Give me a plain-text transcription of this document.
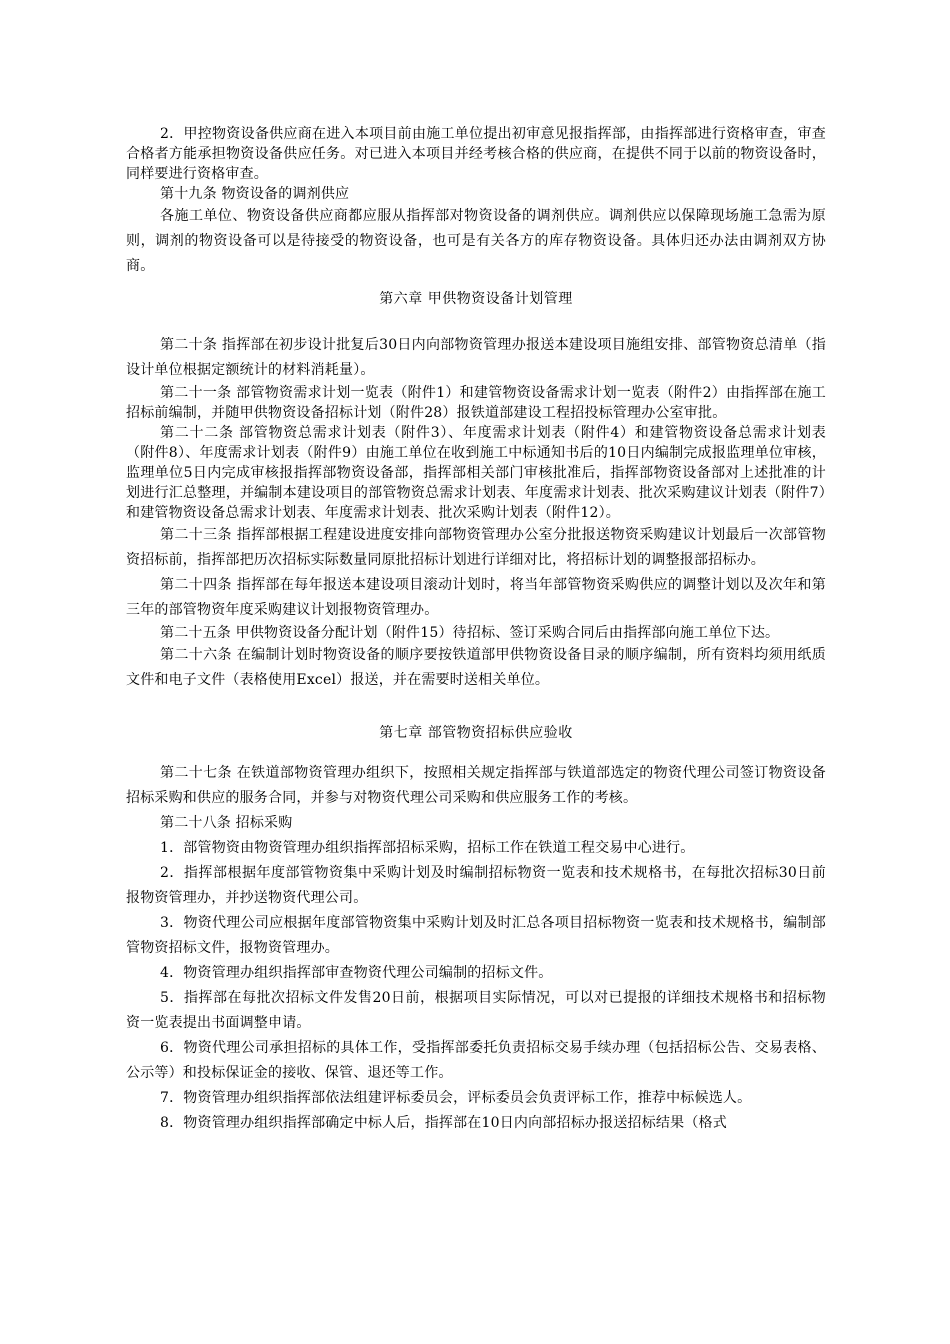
2．甲控物资设备供应商在进入本项目前由施工单位提出初审意见报指挥部，由指挥部进行资格审查，审查合格者方能承担物资设备供应任务。对已进入本项目并经考核合格的供应商，在提供不同于以前的物资设备时，同样要进行资格审查。

第十九条 物资设备的调剂供应

各施工单位、物资设备供应商都应服从指挥部对物资设备的调剂供应。调剂供应以保障现场施工急需为原则，调剂的物资设备可以是待接受的物资设备，也可是有关各方的库存物资设备。具体归还办法由调剂双方协商。

第六章 甲供物资设备计划管理

第二十条 指挥部在初步设计批复后30日内向部物资管理办报送本建设项目施组安排、部管物资总清单（指设计单位根据定额统计的材料消耗量）。

第二十一条 部管物资需求计划一览表（附件1）和建管物资设备需求计划一览表（附件2）由指挥部在施工招标前编制，并随甲供物资设备招标计划（附件28）报铁道部建设工程招投标管理办公室审批。

第二十二条 部管物资总需求计划表（附件3）、年度需求计划表（附件4）和建管物资设备总需求计划表（附件8）、年度需求计划表（附件9）由施工单位在收到施工中标通知书后的10日内编制完成报监理单位审核，监理单位5日内完成审核报指挥部物资设备部，指挥部相关部门审核批准后，指挥部物资设备部对上述批准的计划进行汇总整理，并编制本建设项目的部管物资总需求计划表、年度需求计划表、批次采购建议计划表（附件7）和建管物资设备总需求计划表、年度需求计划表、批次采购计划表（附件12）。

第二十三条 指挥部根据工程建设进度安排向部物资管理办公室分批报送物资采购建议计划最后一次部管物资招标前，指挥部把历次招标实际数量同原批招标计划进行详细对比，将招标计划的调整报部招标办。

第二十四条 指挥部在每年报送本建设项目滚动计划时，将当年部管物资采购供应的调整计划以及次年和第三年的部管物资年度采购建议计划报物资管理办。

第二十五条 甲供物资设备分配计划（附件15）待招标、签订采购合同后由指挥部向施工单位下达。

第二十六条 在编制计划时物资设备的顺序要按铁道部甲供物资设备目录的顺序编制，所有资料均须用纸质文件和电子文件（表格使用Excel）报送，并在需要时送相关单位。

第七章 部管物资招标供应验收

第二十七条 在铁道部物资管理办组织下，按照相关规定指挥部与铁道部选定的物资代理公司签订物资设备招标采购和供应的服务合同，并参与对物资代理公司采购和供应服务工作的考核。

第二十八条 招标采购

1．部管物资由物资管理办组织指挥部招标采购，招标工作在铁道工程交易中心进行。

2．指挥部根据年度部管物资集中采购计划及时编制招标物资一览表和技术规格书，在每批次招标30日前报物资管理办，并抄送物资代理公司。

3．物资代理公司应根据年度部管物资集中采购计划及时汇总各项目招标物资一览表和技术规格书，编制部管物资招标文件，报物资管理办。

4．物资管理办组织指挥部审查物资代理公司编制的招标文件。

5．指挥部在每批次招标文件发售20日前，根据项目实际情况，可以对已提报的详细技术规格书和招标物资一览表提出书面调整申请。

6．物资代理公司承担招标的具体工作，受指挥部委托负责招标交易手续办理（包括招标公告、交易表格、公示等）和投标保证金的接收、保管、退还等工作。

7．物资管理办组织指挥部依法组建评标委员会，评标委员会负责评标工作，推荐中标候选人。

8．物资管理办组织指挥部确定中标人后，指挥部在10日内向部招标办报送招标结果（格式
